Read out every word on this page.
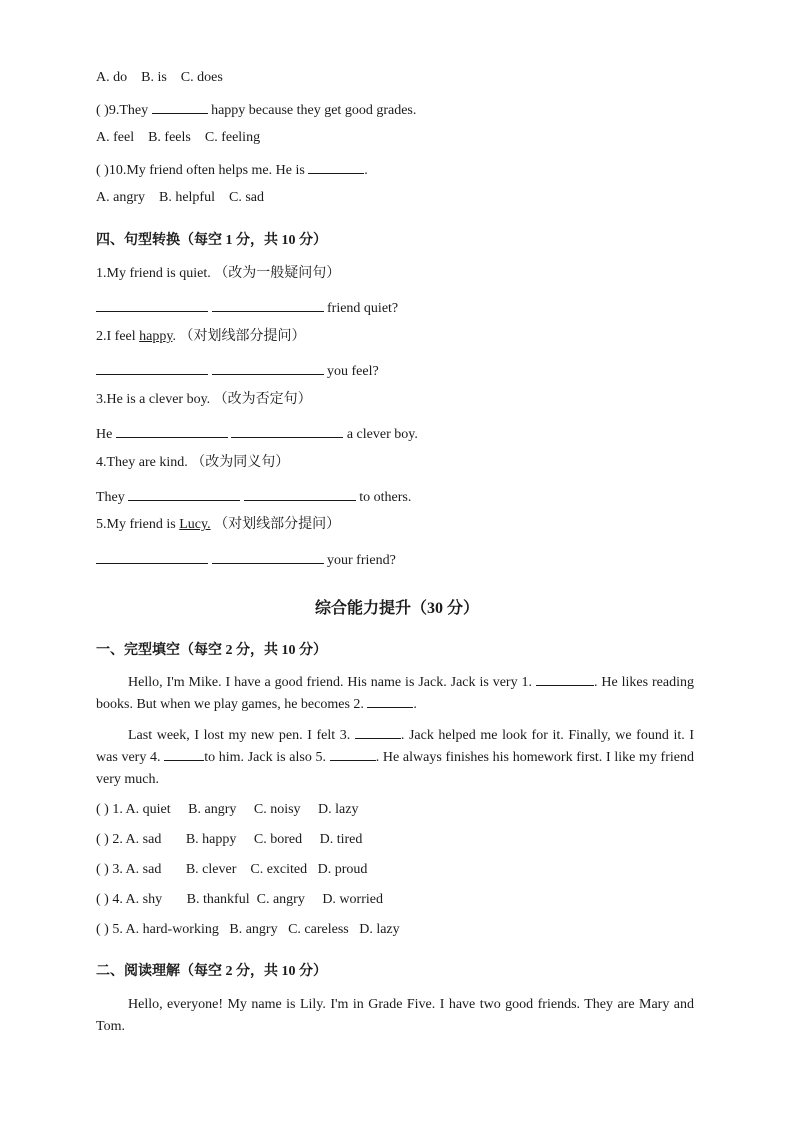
A. do    B. is    C. does
( )9.They	happy because they get good grades.
A. feel    B. feels    C. feeling
( )10.My friend often helps me. He is	.
A. angry    B. helpful    C. sad
四、句型转换（每空 1 分，共 10 分）
1.My friend is quiet. （改为一般疑问句）
friend quiet?
2.I feel happy. （对划线部分提问）
you feel?
3.He is a clever boy. （改为否定句）
He	a clever boy.
4.They are kind. （改为同义句）
They	to others.
5.My friend is Lucy. （对划线部分提问）
your friend?
综合能力提升（30 分）
一、完型填空（每空 2 分，共 10 分）
Hello, I'm Mike. I have a good friend. His name is Jack. Jack is very 1.	. He likes reading books. But when we play games, he becomes 2.	.
Last week, I lost my new pen. I felt 3.	. Jack helped me look for it. Finally, we found it. I was very 4.	to him. Jack is also 5.	. He always finishes his homework first. I like my friend very much.
( ) 1. A. quiet     B. angry     C. noisy     D. lazy
( ) 2. A. sad       B. happy     C. bored     D. tired
( ) 3. A. sad       B. clever    C. excited   D. proud
( ) 4. A. shy       B. thankful  C. angry     D. worried
( ) 5. A. hard-working   B. angry   C. careless   D. lazy
二、阅读理解（每空 2 分，共 10 分）
Hello, everyone! My name is Lily. I'm in Grade Five. I have two good friends. They are Mary and Tom.
